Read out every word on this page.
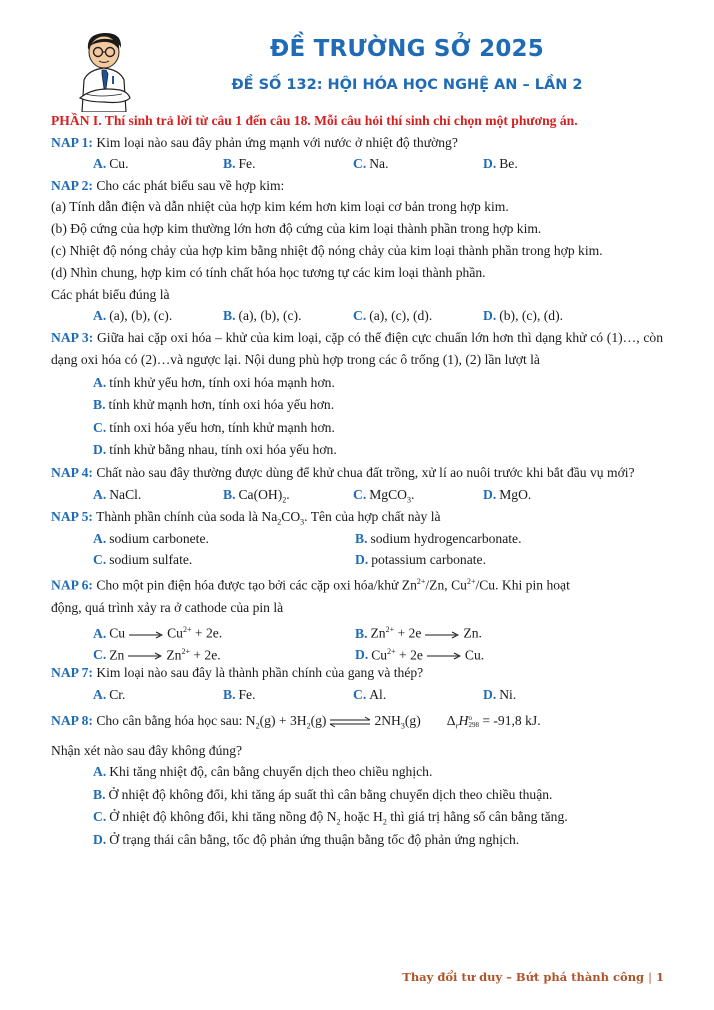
ĐỀ TRƯỜNG SỞ 2025
ĐỀ SỐ 132: HỘI HÓA HỌC NGHỆ AN – LẦN 2
PHẦN I. Thí sinh trả lời từ câu 1 đến câu 18. Mỗi câu hỏi thí sinh chỉ chọn một phương án.
NAP 1: Kim loại nào sau đây phản ứng mạnh với nước ở nhiệt độ thường?
A. Cu.	B. Fe.	C. Na.	D. Be.
NAP 2: Cho các phát biểu sau về hợp kim:
(a) Tính dẫn điện và dẫn nhiệt của hợp kim kém hơn kim loại cơ bản trong hợp kim.
(b) Độ cứng của hợp kim thường lớn hơn độ cứng của kim loại thành phần trong hợp kim.
(c) Nhiệt độ nóng chảy của hợp kim bằng nhiệt độ nóng chảy của kim loại thành phần trong hợp kim.
(d) Nhìn chung, hợp kim có tính chất hóa học tương tự các kim loại thành phần.
Các phát biểu đúng là
A. (a), (b), (c).	B. (a), (b), (c).	C. (a), (c), (d).	D. (b), (c), (d).
NAP 3: Giữa hai cặp oxi hóa – khử của kim loại, cặp có thế điện cực chuẩn lớn hơn thì dạng khử có (1)…, còn dạng oxi hóa có (2)…và ngược lại. Nội dung phù hợp trong các ô trống (1), (2) lần lượt là
A. tính khử yếu hơn, tính oxi hóa mạnh hơn.
B. tính khử mạnh hơn, tính oxi hóa yếu hơn.
C. tính oxi hóa yếu hơn, tính khử mạnh hơn.
D. tính khử bằng nhau, tính oxi hóa yếu hơn.
NAP 4: Chất nào sau đây thường được dùng để khử chua đất trồng, xử lí ao nuôi trước khi bắt đầu vụ mới?
A. NaCl.	B. $Ca(OH)_2$.	C. MgCO$_3$.	D. MgO.
NAP 5: Thành phần chính của soda là $Na_2CO_3$. Tên của hợp chất này là
A. sodium carbonete.	B. sodium hydrogencarbonate.
C. sodium sulfate.	D. potassium carbonate.
NAP 6: Cho một pin điện hóa được tạo bởi các cặp oxi hóa/khử $Zn^{2+}/Zn$, $Cu^{2+}/Cu$. Khi pin hoạt
động, quá trình xảy ra ở cathode của pin là
A. Cu	$Cu^{2+} + 2e$.	B. $Zn^{2+} + 2e$	Zn.
C. Zn	$Zn^{2+} + 2e$.	D. $Cu^{2+} + 2e$	Cu.
NAP 7: Kim loại nào sau đây là thành phần chính của gang và thép?
A. Cr.	B. Fe.	C. Al.	D. Ni.
NAP 8: Cho cân bằng hóa học sau: $N_2(g) + 3H_2(g)$ ⇌ $2NH_3(g)$ $\Delta_rH$ o
298 = -91,8 kJ.
Nhận xét nào sau đây không đúng?
A. Khi tăng nhiệt độ, cân bằng chuyển dịch theo chiều nghịch.
B. Ở nhiệt độ không đổi, khi tăng áp suất thì cân bằng chuyển dịch theo chiều thuận.
C. Ở nhiệt độ không đổi, khi tăng nồng độ $N_2$ hoặc $H_2$ thì giá trị hằng số cân bằng tăng.
D. Ở trạng thái cân bằng, tốc độ phản ứng thuận bằng tốc độ phản ứng nghịch.
Thay đổi tư duy – Bứt phá thành công | 1
